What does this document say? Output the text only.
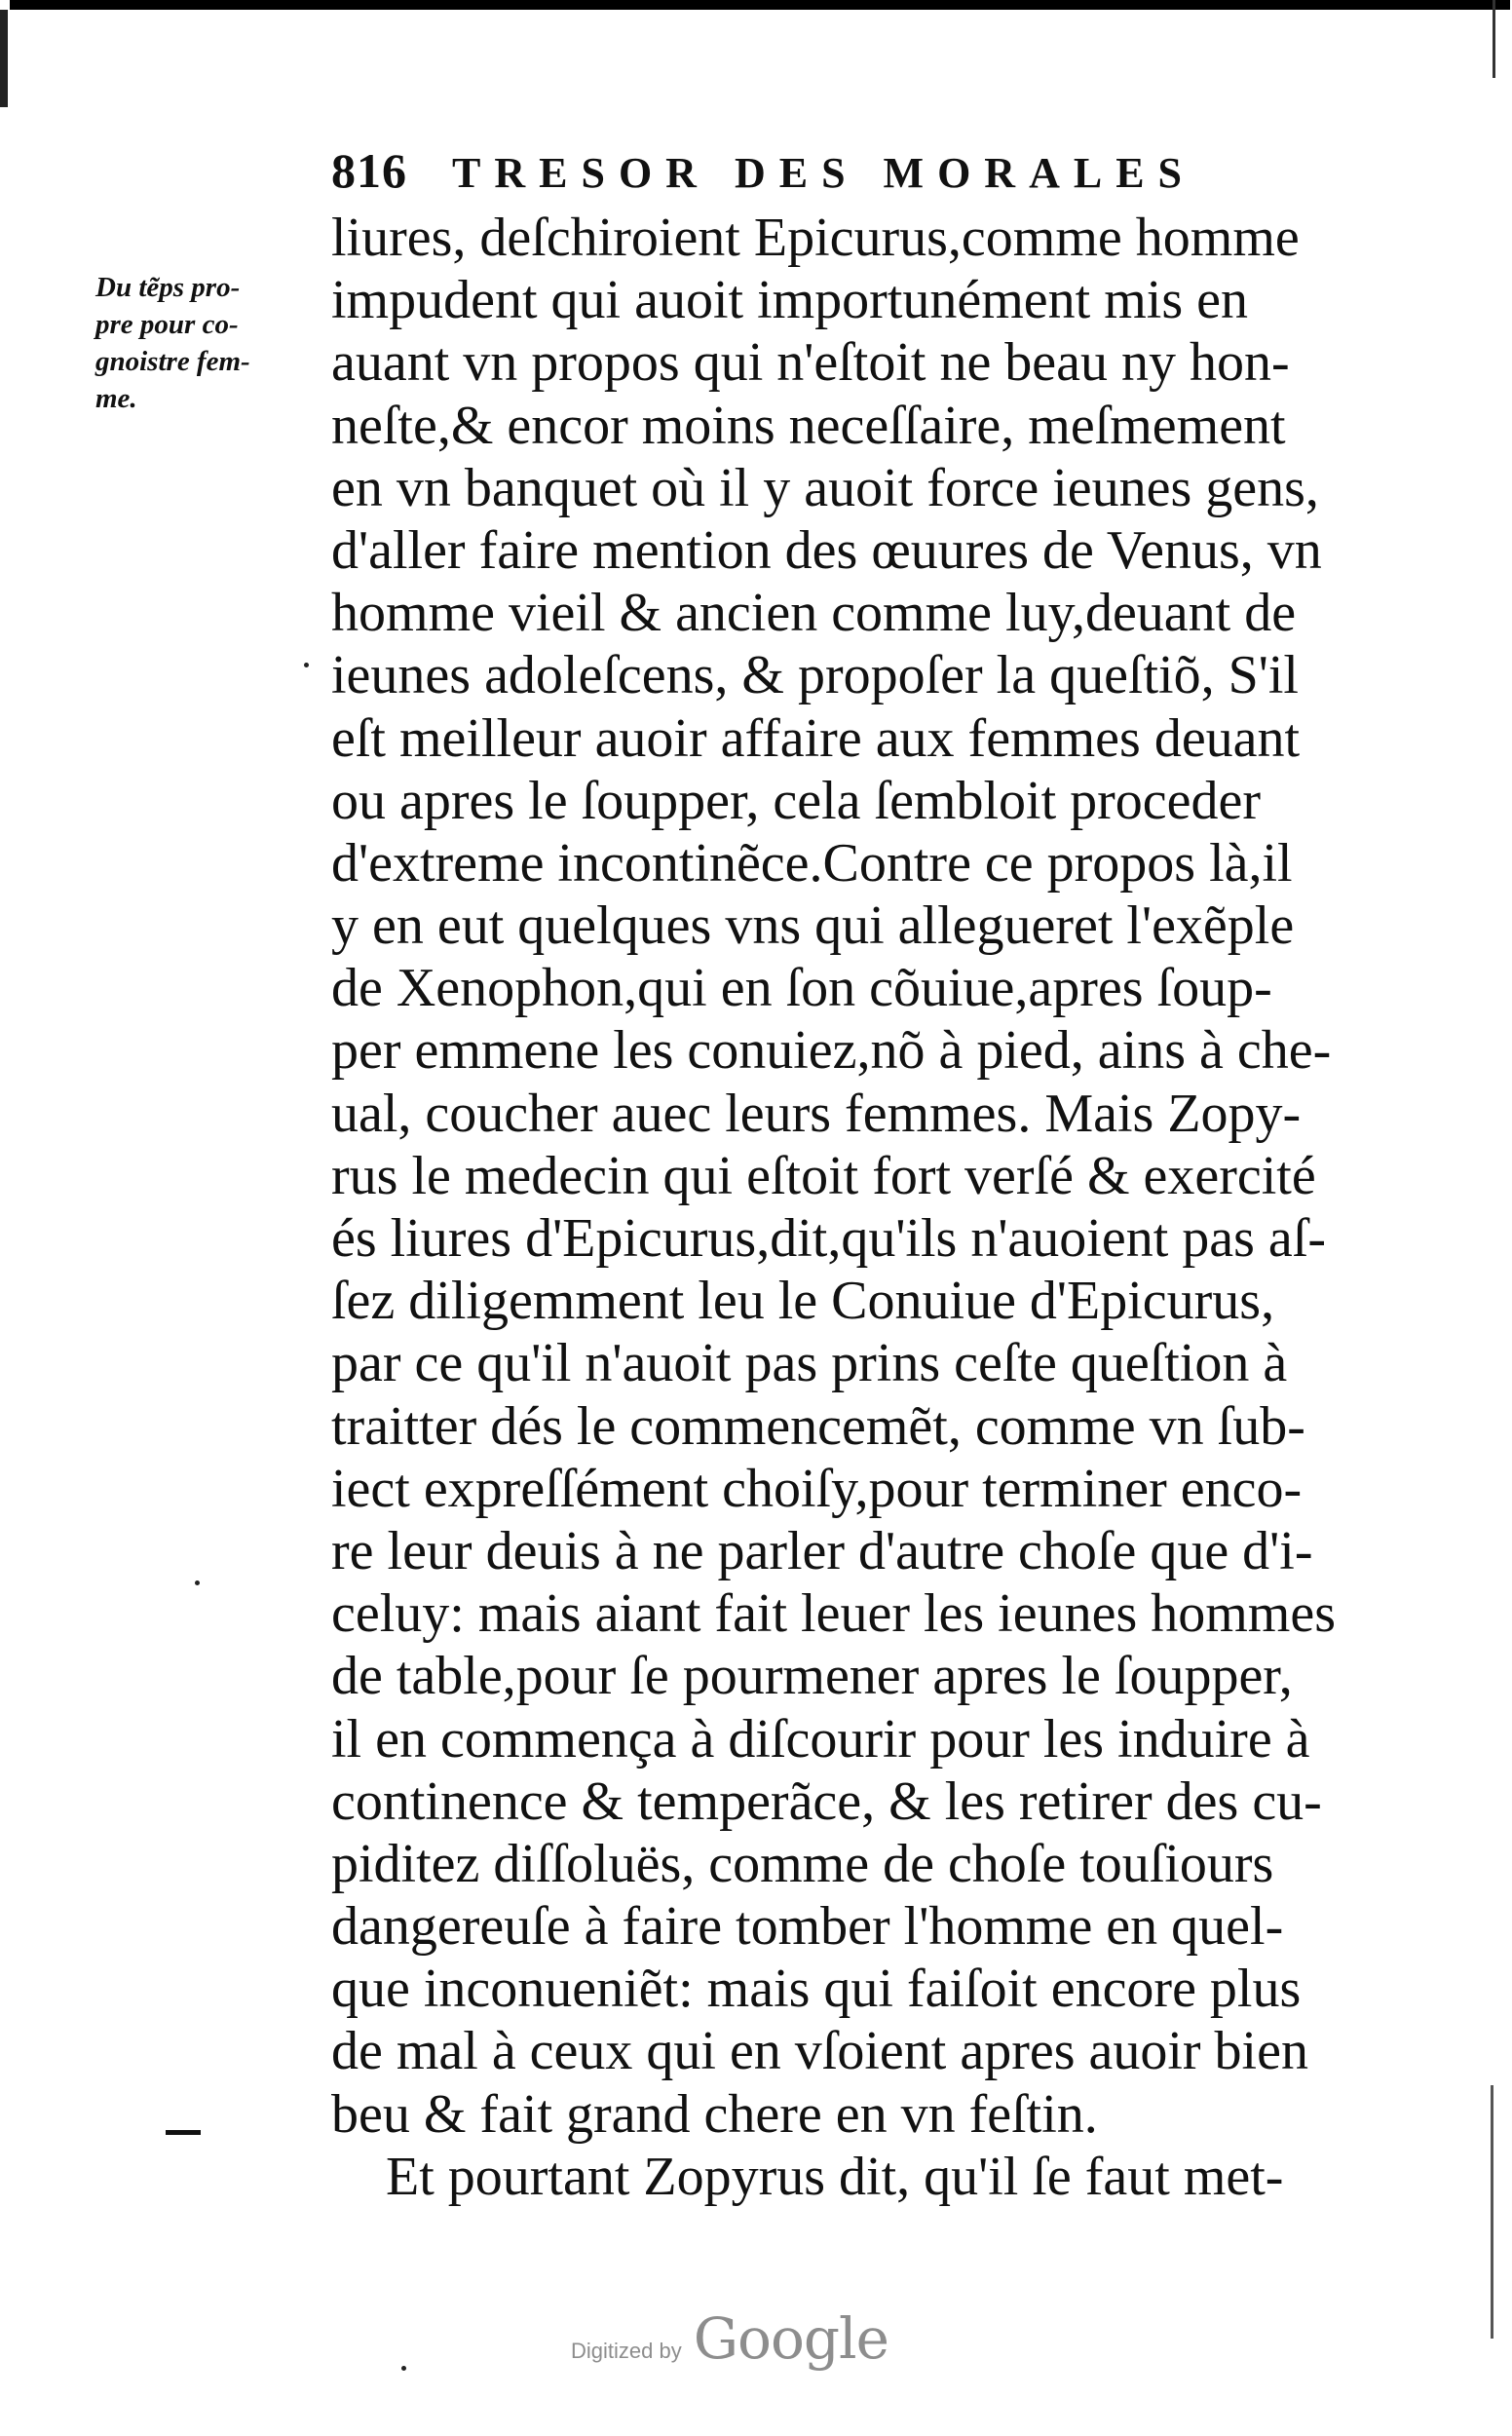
816 TRESOR DES MORALES
Du tẽps pro-
pre pour co-
gnoistre fem-
me.
liures, deſchiroient Epicurus,comme homme
impudent qui auoit importunément mis en
auant vn propos qui n'eſtoit ne beau ny hon-
neſte,& encor moins neceſſaire, meſmement
en vn banquet où il y auoit force ieunes gens,
d'aller faire mention des œuures de Venus, vn
homme vieil & ancien comme luy,deuant de
ieunes adoleſcens, & propoſer la queſtiõ, S'il
eſt meilleur auoir affaire aux femmes deuant
ou apres le ſoupper, cela ſembloit proceder
d'extreme incontinẽce.Contre ce propos là,il
y en eut quelques vns qui allegueret l'exẽple
de Xenophon,qui en ſon cõuiue,apres ſoup-
per emmene les conuiez,nõ à pied, ains à che-
ual, coucher auec leurs femmes. Mais Zopy-
rus le medecin qui eſtoit fort verſé & exercité
és liures d'Epicurus,dit,qu'ils n'auoient pas aſ-
ſez diligemment leu le Conuiue d'Epicurus,
par ce qu'il n'auoit pas prins ceſte queſtion à
traitter dés le commencemẽt, comme vn ſub-
iect expreſſément choiſy,pour terminer enco-
re leur deuis à ne parler d'autre choſe que d'i-
celuy: mais aiant fait leuer les ieunes hommes
de table,pour ſe pourmener apres le ſoupper,
il en commença à diſcourir pour les induire à
continence & temperãce, & les retirer des cu-
piditez diſſoluës, comme de choſe touſiours
dangereuſe à faire tomber l'homme en quel-
que inconueniẽt: mais qui faiſoit encore plus
de mal à ceux qui en vſoient apres auoir bien
beu & fait grand chere en vn feſtin.
Et pourtant Zopyrus dit, qu'il ſe faut met-
Digitized by Google
